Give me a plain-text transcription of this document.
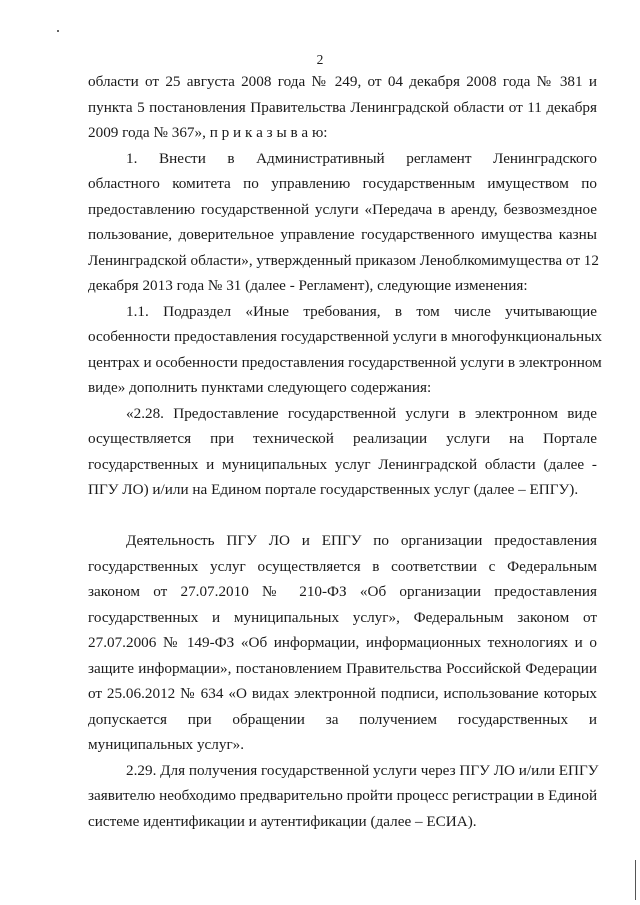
2
области от 25 августа 2008 года № 249, от 04 декабря 2008 года № 381 и
пункта 5 постановления Правительства Ленинградской области от 11 декабря
2009 года № 367», п р и к а з ы в а ю:
1. Внести в Административный регламент Ленинградского
областного комитета по управлению государственным имуществом по
предоставлению государственной услуги «Передача в аренду, безвозмездное
пользование, доверительное управление государственного имущества казны
Ленинградской области», утвержденный приказом Леноблкомимущества от 12
декабря 2013 года № 31 (далее - Регламент), следующие изменения:
1.1. Подраздел «Иные требования, в том числе учитывающие
особенности предоставления государственной услуги в многофункциональных
центрах и особенности предоставления государственной услуги в электронном
виде» дополнить пунктами следующего содержания:
«2.28. Предоставление государственной услуги в электронном виде
осуществляется при технической реализации услуги на Портале
государственных и муниципальных услуг Ленинградской области (далее -
ПГУ ЛО) и/или на Едином портале государственных услуг (далее – ЕПГУ).
Деятельность ПГУ ЛО и ЕПГУ по организации предоставления
государственных услуг осуществляется в соответствии с Федеральным
законом от 27.07.2010 № 210-ФЗ «Об организации предоставления
государственных и муниципальных услуг», Федеральным законом от
27.07.2006 № 149-ФЗ «Об информации, информационных технологиях и о
защите информации», постановлением Правительства Российской Федерации
от 25.06.2012 № 634 «О видах электронной подписи, использование которых
допускается при обращении за получением государственных и
муниципальных услуг».
2.29. Для получения государственной услуги через ПГУ ЛО и/или ЕПГУ
заявителю необходимо предварительно пройти процесс регистрации в Единой
системе идентификации и аутентификации (далее – ЕСИА).
